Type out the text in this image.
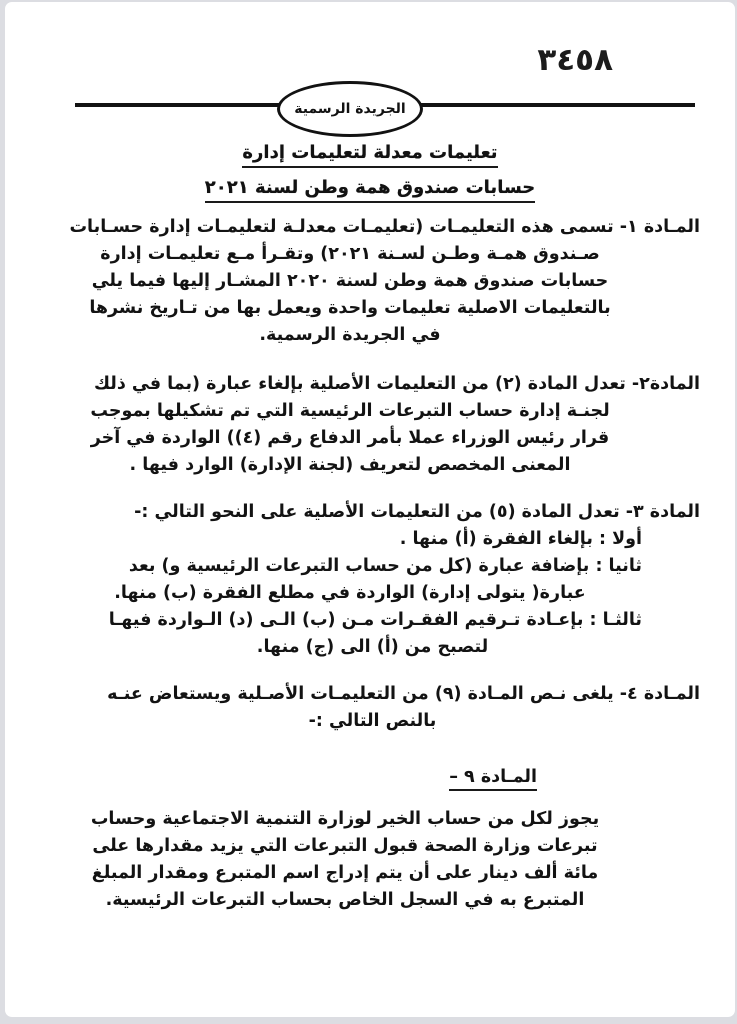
٣٤٥٨
الجريدة الرسمية
تعليمات معدلة لتعليمات إدارة
حسابات صندوق همة وطن لسنة ٢٠٢١
المـادة ١- تسمى هذه التعليمـات (تعليمـات معدلـة لتعليمـات إدارة حسـابات
صـندوق همـة وطـن لسـنة ٢٠٢١) وتقـرأ مـع تعليمـات إدارة
حسابات صندوق همة وطن لسنة ٢٠٢٠ المشـار إليها فيما يلي
بالتعليمات الاصلية تعليمات واحدة ويعمل بها من تـاريخ نشرها
في الجريدة الرسمية.
المادة٢- تعدل المادة (٢) من التعليمات الأصلية بإلغاء عبارة (بما في ذلك
لجنـة إدارة حساب التبرعات الرئيسية التي تم تشكيلها بموجب
قرار رئيس الوزراء عملا بأمر الدفاع رقم (٤)) الواردة في آخر
المعنى المخصص لتعريف (لجنة الإدارة) الوارد فيها .
المادة ٣- تعدل المادة (٥) من التعليمات الأصلية على النحو التالي :-
أولا : بإلغاء الفقرة (أ) منها .
ثانيا : بإضافة عبارة (كل من حساب التبرعات الرئيسية و) بعد
عبارة( يتولى إدارة) الواردة في مطلع الفقرة (ب) منها.
ثالثـا : بإعـادة تـرقيم الفقـرات مـن (ب) الـى (د) الـواردة فيهـا
لتصبح من (أ) الى (ج) منها.
المـادة ٤- يلغى نـص المـادة (٩) من التعليمـات الأصـلية ويستعاض عنـه
بالنص التالي :-
المـادة ٩ –
يجوز لكل من حساب الخير لوزارة التنمية الاجتماعية وحساب
تبرعات وزارة الصحة قبول التبرعات التي يزيد مقدارها على
مائة ألف دينار على أن يتم إدراج اسم المتبرع ومقدار المبلغ
المتبرع به في السجل الخاص بحساب التبرعات الرئيسية.
